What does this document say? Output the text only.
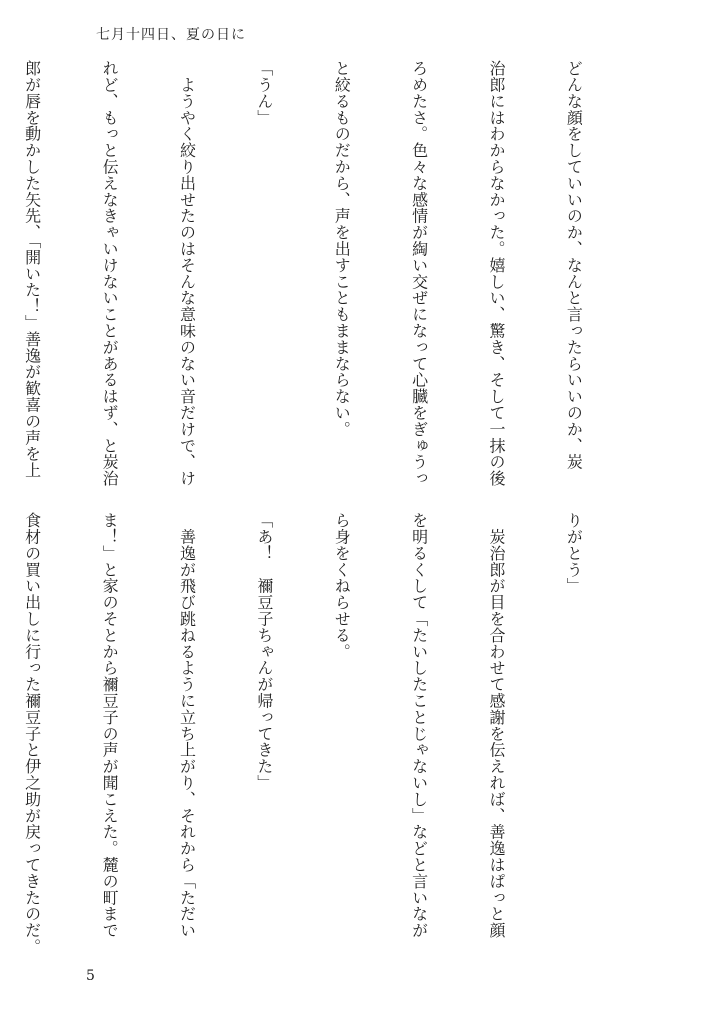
七月十四日、夏の日に

どんな顔をしていいのか、なんと言ったらいいのか、炭

治郎にはわからなかった。嬉しい、驚き、そして一抹の後

ろめたさ。色々な感情が綯い交ぜになって心臓をぎゅうっ

と絞るものだから、声を出すこともままならない。

「うん」

　ようやく絞り出せたのはそんな意味のない音だけで、け

れど、もっと伝えなきゃいけないことがあるはず、と炭治

郎が唇を動かした矢先、「開いた！」善逸が歓喜の声を上

りがとう」

　炭治郎が目を合わせて感謝を伝えれば、善逸はぱっと顔

を明るくして「たいしたことじゃないし」などと言いなが

ら身をくねらせる。

「あ！　禰豆子ちゃんが帰ってきた」

　善逸が飛び跳ねるように立ち上がり、それから「ただい

ま！」と家のそとから禰豆子の声が聞こえた。麓の町まで

食材の買い出しに行った禰豆子と伊之助が戻ってきたのだ。

5
